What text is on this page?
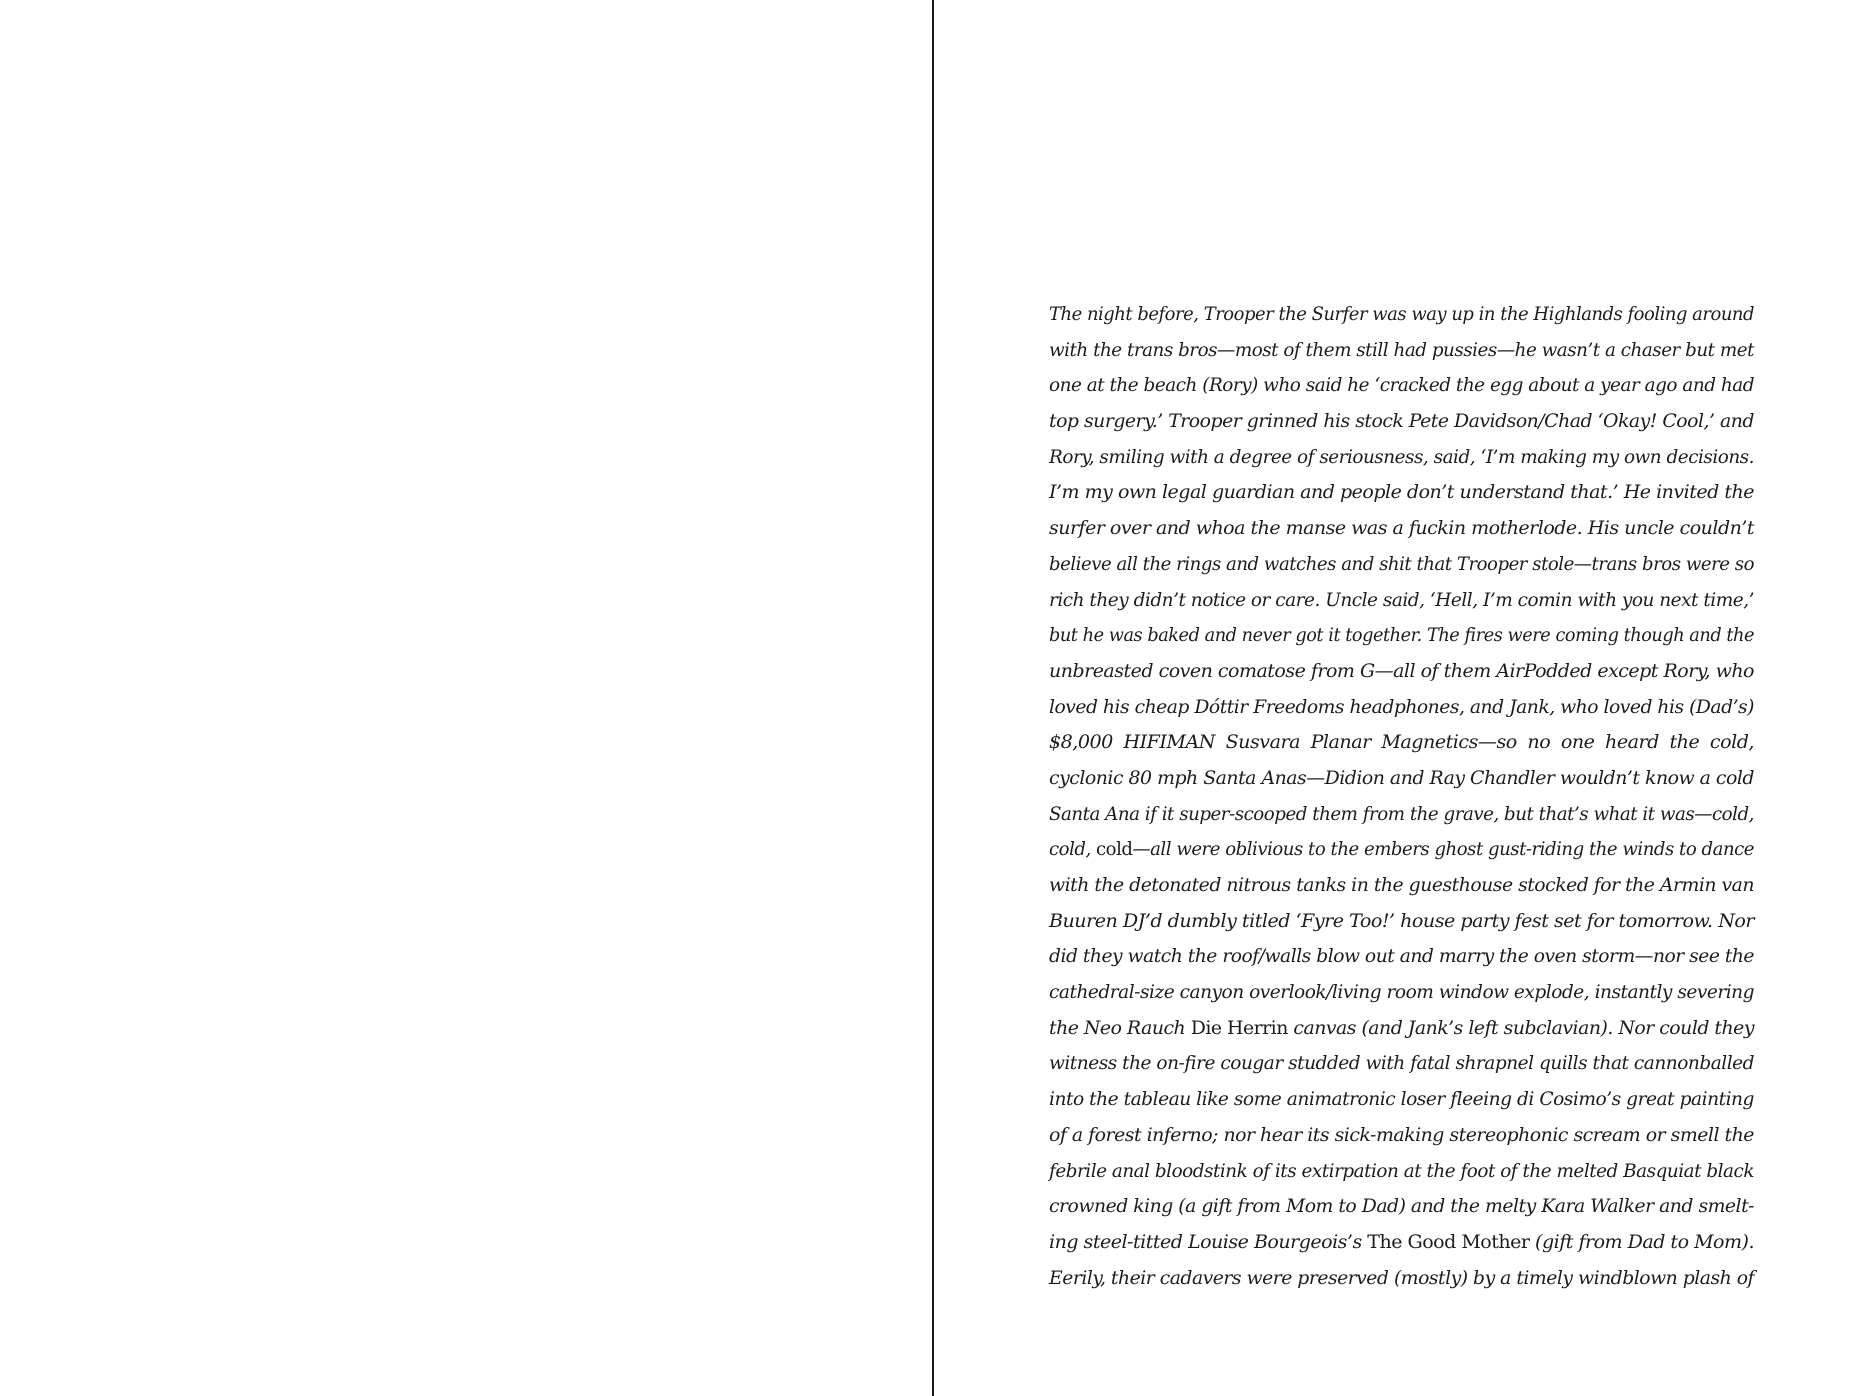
The night before, Trooper the Surfer was way up in the Highlands fooling around
with the trans bros—most of them still had pussies—he wasn’t a chaser but met
one at the beach (Rory) who said he ‘cracked the egg about a year ago and had
top surgery.’ Trooper grinned his stock Pete Davidson/Chad ‘Okay! Cool,’ and
Rory, smiling with a degree of seriousness, said, ‘I’m making my own decisions.
I’m my own legal guardian and people don’t understand that.’ He invited the
surfer over and whoa the manse was a fuckin motherlode. His uncle couldn’t
believe all the rings and watches and shit that Trooper stole—trans bros were so
rich they didn’t notice or care. Uncle said, ‘Hell, I’m comin with you next time,’
but he was baked and never got it together. The fires were coming though and the
unbreasted coven comatose from G—all of them AirPodded except Rory, who
loved his cheap Dóttir Freedoms headphones, and Jank, who loved his (Dad’s)
$8,000 HIFIMAN Susvara Planar Magnetics—so no one heard the cold,
cyclonic 80 mph Santa Anas—Didion and Ray Chandler wouldn’t know a cold
Santa Ana if it super-scooped them from the grave, but that’s what it was—cold,
cold, cold—all were oblivious to the embers ghost gust-riding the winds to dance
with the detonated nitrous tanks in the guesthouse stocked for the Armin van
Buuren DJ’d dumbly titled ‘Fyre Too!’ house party fest set for tomorrow. Nor
did they watch the roof/walls blow out and marry the oven storm—nor see the
cathedral-size canyon overlook/living room window explode, instantly severing
the Neo Rauch Die Herrin canvas (and Jank’s left subclavian). Nor could they
witness the on-fire cougar studded with fatal shrapnel quills that cannonballed
into the tableau like some animatronic loser fleeing di Cosimo’s great painting
of a forest inferno; nor hear its sick-making stereophonic scream or smell the
febrile anal bloodstink of its extirpation at the foot of the melted Basquiat black
crowned king (a gift from Mom to Dad) and the melty Kara Walker and smelt-
ing steel-titted Louise Bourgeois’s The Good Mother (gift from Dad to Mom).
Eerily, their cadavers were preserved (mostly) by a timely windblown plash of
